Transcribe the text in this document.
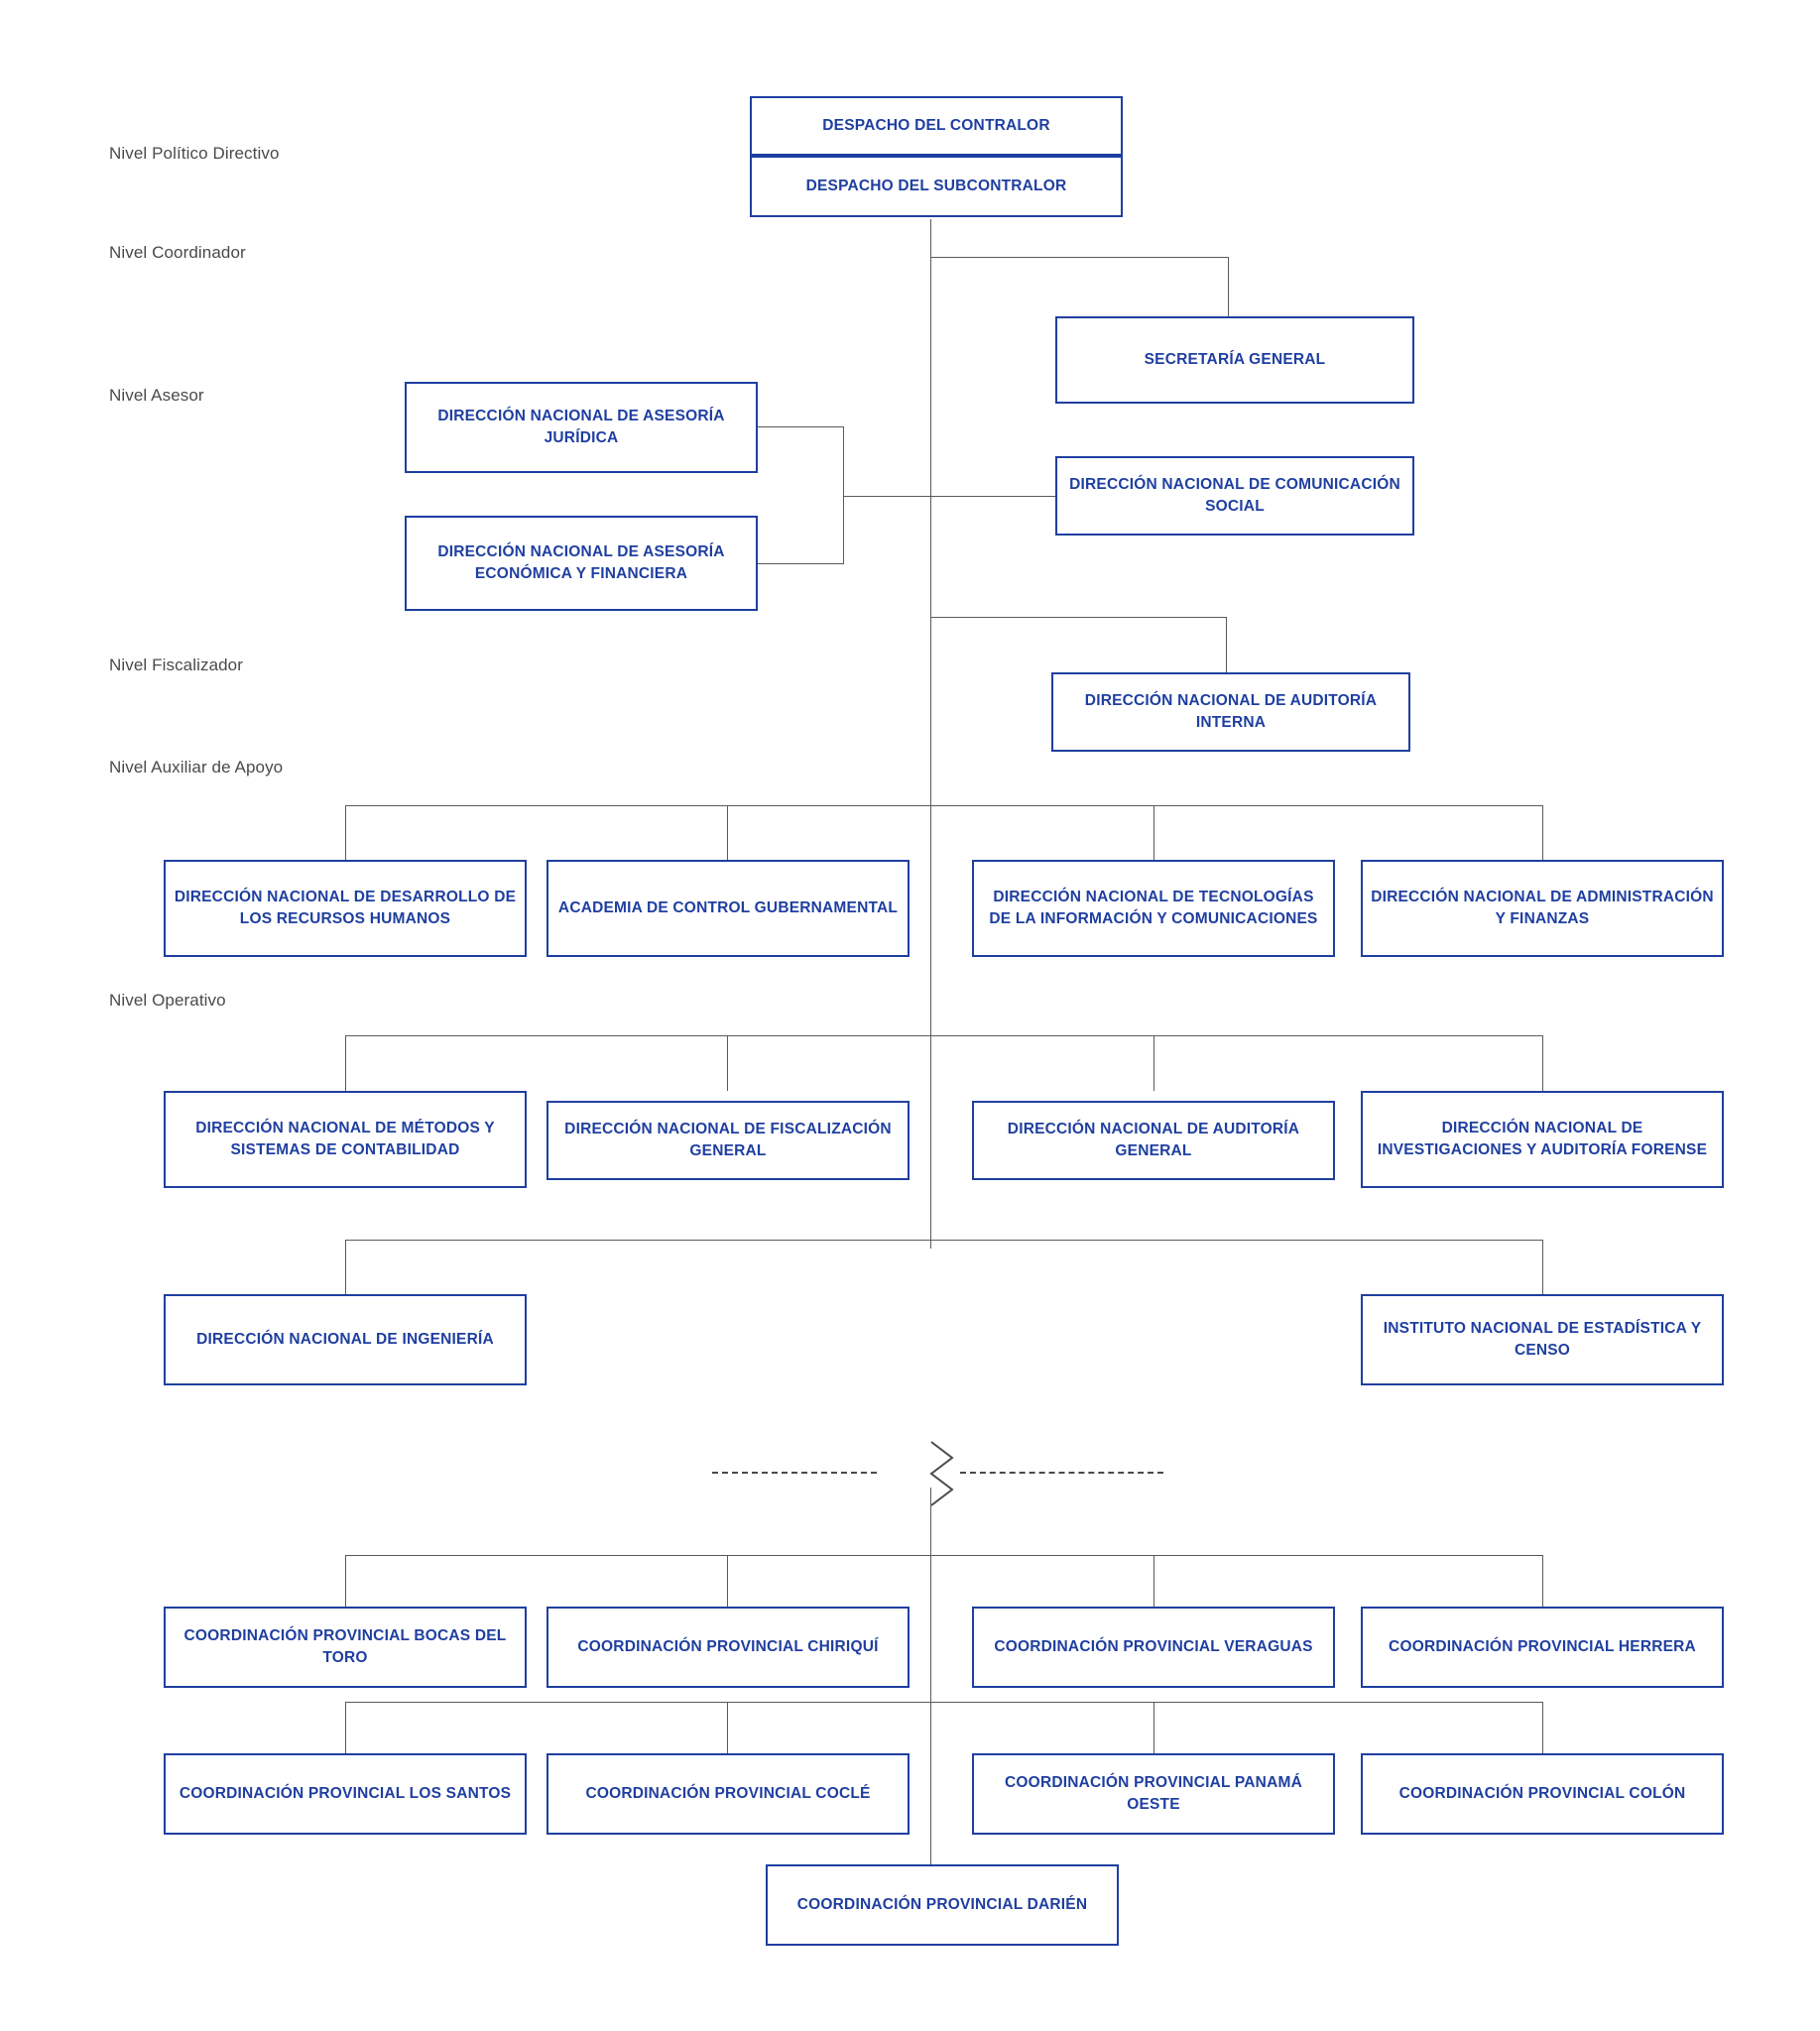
Nivel Político Directivo
Nivel Coordinador
Nivel Asesor
Nivel Fiscalizador
Nivel Auxiliar de Apoyo
Nivel Operativo
DESPACHO DEL CONTRALOR
DESPACHO DEL SUBCONTRALOR
SECRETARÍA GENERAL
DIRECCIÓN NACIONAL DE ASESORÍA JURÍDICA
DIRECCIÓN NACIONAL DE COMUNICACIÓN SOCIAL
DIRECCIÓN NACIONAL DE ASESORÍA ECONÓMICA Y FINANCIERA
DIRECCIÓN NACIONAL DE AUDITORÍA INTERNA
DIRECCIÓN NACIONAL DE DESARROLLO DE LOS RECURSOS HUMANOS
ACADEMIA DE CONTROL GUBERNAMENTAL
DIRECCIÓN NACIONAL DE TECNOLOGÍAS DE LA INFORMACIÓN Y COMUNICACIONES
DIRECCIÓN NACIONAL DE ADMINISTRACIÓN Y FINANZAS
DIRECCIÓN NACIONAL DE MÉTODOS Y SISTEMAS DE CONTABILIDAD
DIRECCIÓN NACIONAL DE FISCALIZACIÓN GENERAL
DIRECCIÓN NACIONAL DE AUDITORÍA GENERAL
DIRECCIÓN NACIONAL DE INVESTIGACIONES Y AUDITORÍA FORENSE
DIRECCIÓN NACIONAL DE INGENIERÍA
INSTITUTO NACIONAL DE ESTADÍSTICA Y CENSO
COORDINACIÓN PROVINCIAL BOCAS DEL TORO
COORDINACIÓN PROVINCIAL CHIRIQUÍ	COORDINACIÓN PROVINCIAL VERAGUAS	COORDINACIÓN PROVINCIAL HERRERA
COORDINACIÓN PROVINCIAL LOS SANTOS	COORDINACIÓN PROVINCIAL COCLÉ
COORDINACIÓN PROVINCIAL PANAMÁ OESTE
COORDINACIÓN PROVINCIAL COLÓN
COORDINACIÓN PROVINCIAL DARIÉN
